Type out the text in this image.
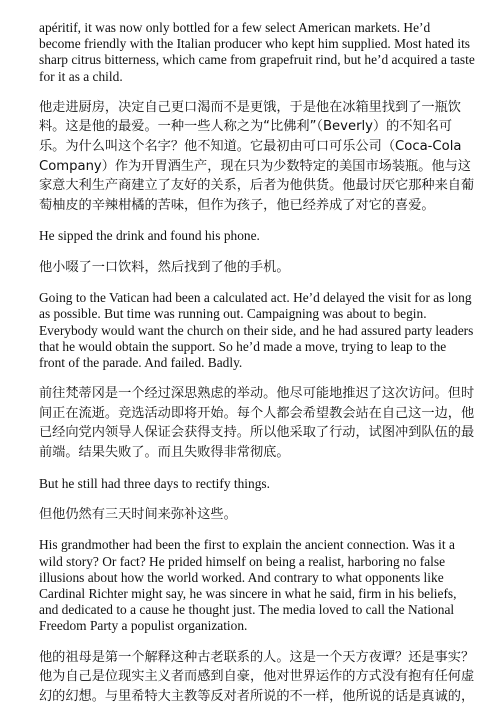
apéritif, it was now only bottled for a few select American markets. He’d become friendly with the Italian producer who kept him supplied. Most hated its sharp citrus bitterness, which came from grapefruit rind, but he’d acquired a taste for it as a child.

他走进厨房，决定自己更口渴而不是更饿，于是他在冰箱里找到了一瓶饮料。这是他的最爱。一种一些人称之为“比佛利”（Beverly）的不知名可乐。为什么叫这个名字？他不知道。它最初由可口可乐公司（Coca-Cola Company）作为开胃酒生产，现在只为少数特定的美国市场装瓶。他与这家意大利生产商建立了友好的关系，后者为他供货。他最讨厌它那种来自葡萄柚皮的辛辣柑橘的苦味，但作为孩子，他已经养成了对它的喜爱。

He sipped the drink and found his phone.

他小啜了一口饮料，然后找到了他的手机。

Going to the Vatican had been a calculated act. He’d delayed the visit for as long as possible. But time was running out. Campaigning was about to begin. Everybody would want the church on their side, and he had assured party leaders that he would obtain the support. So he’d made a move, trying to leap to the front of the parade. And failed. Badly.

前往梵蒂冈是一个经过深思熟虑的举动。他尽可能地推迟了这次访问。但时间正在流逝。竞选活动即将开始。每个人都会希望教会站在自己这一边，他已经向党内领导人保证会获得支持。所以他采取了行动，试图冲到队伍的最前端。结果失败了。而且失败得非常彻底。

But he still had three days to rectify things.

但他仍然有三天时间来弥补这些。

His grandmother had been the first to explain the ancient connection. Was it a wild story? Or fact? He prided himself on being a realist, harboring no false illusions about how the world worked. And contrary to what opponents like Cardinal Richter might say, he was sincere in what he said, firm in his beliefs, and dedicated to a cause he thought just. The media loved to call the National Freedom Party a populist organization.

他的祖母是第一个解释这种古老联系的人。这是一个天方夜谭？还是事实？他为自己是位现实主义者而感到自豪，他对世界运作的方式没有抱有任何虚幻的幻想。与里希特大主教等反对者所说的不一样，他所说的话是真诚的，
